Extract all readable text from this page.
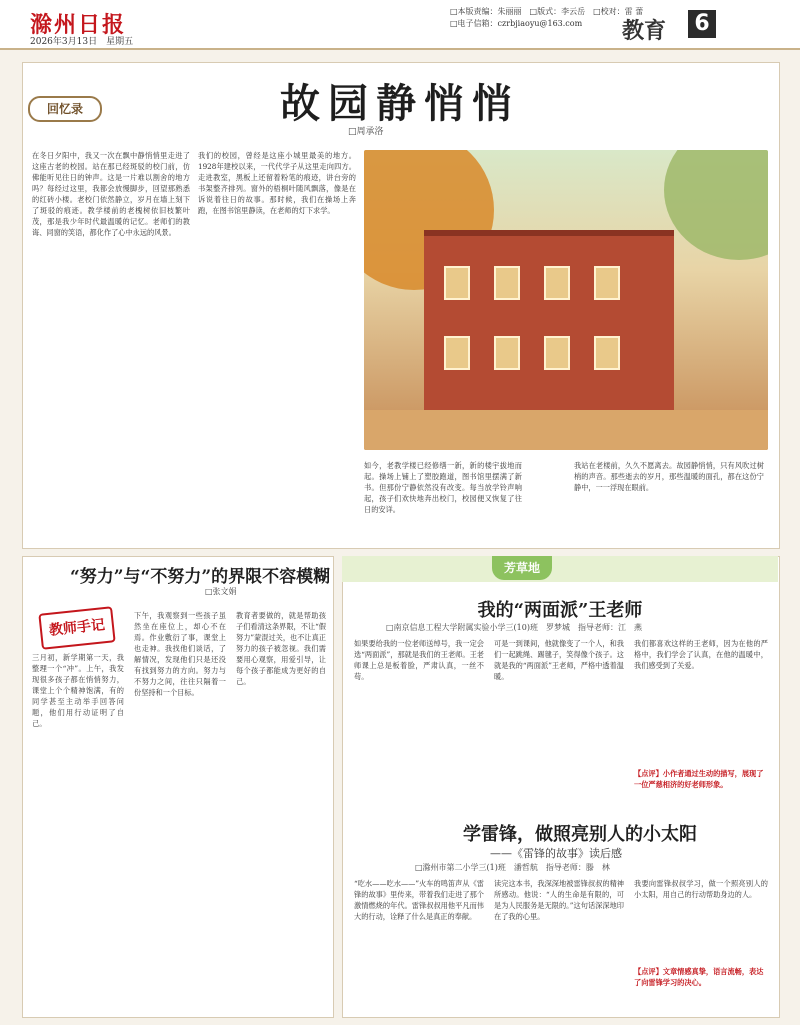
滁州日报
2026年3月13日　星期五
□本版责编：朱丽丽　□版式：李云岳　□校对：雷 蕾
□电子信箱：czrbjiaoyu@163.com	教育 6
回忆录	故园静悄悄
□周承洛
在冬日夕阳中，我又一次在飘中静悄悄里走进了这座古老的校园。站在那已经斑驳的校门前，仿佛能听见往日的钟声。这是一片难以割舍的地方吗？每经过这里，我都会放慢脚步，回望那熟悉的红砖小楼。老校门依然静立，岁月在墙上刻下了斑驳的痕迹。教学楼前的老槐树依旧枝繁叶茂，那是我少年时代最温暖的记忆。老师们的教诲、同窗的笑语，都化作了心中永远的风景。
我们的校园，曾经是这座小城里最美的地方。1928年建校以来，一代代学子从这里走向四方。走进教室，黑板上还留着粉笔的痕迹，讲台旁的书架整齐排列。窗外的梧桐叶随风飘落，像是在诉说着往日的故事。那时候，我们在操场上奔跑，在图书馆里静读，在老师的灯下求学。
如今，老教学楼已经修缮一新，新的楼宇拔地而起。操场上铺上了塑胶跑道，图书馆里摆满了新书。但那份宁静依然没有改变。每当放学铃声响起，孩子们欢快地奔出校门，校园便又恢复了往日的安详。
我站在老楼前，久久不愿离去。故园静悄悄，只有风吹过树梢的声音。那些逝去的岁月，那些温暖的面孔，都在这份宁静中，一一浮现在眼前。
“努力”与“不努力”的界限不容模糊
□张文娟
教师手记
三月初，新学期第一天，我整理一个“冲”。上午，我发现很多孩子都在悄悄努力，课堂上个个精神饱满，有的同学甚至主动举手回答问题，他们用行动证明了自己。
下午，我观察到一些孩子虽然坐在座位上，却心不在焉。作业敷衍了事，课堂上也走神。我找他们谈话，了解情况，发现他们只是还没有找到努力的方向。努力与不努力之间，往往只隔着一份坚持和一个目标。
教育者要做的，就是帮助孩子们看清这条界限，不让“假努力”蒙混过关，也不让真正努力的孩子被忽视。我们需要用心观察，用爱引导，让每个孩子都能成为更好的自己。
芳草地
我的“两面派”王老师
□南京信息工程大学附属实验小学三(10)班　罗梦城　指导老师：江　燕
如果要给我的一位老师送绰号，我一定会选“两面派”，那就是我们的王老师。王老师课上总是板着脸，严肃认真，一丝不苟。
可是一到课间，他就像变了一个人，和我们一起跳绳、踢毽子，笑得像个孩子。这就是我的“两面派”王老师，严格中透着温暖。
我们都喜欢这样的王老师，因为在他的严格中，我们学会了认真，在他的温暖中，我们感受到了关爱。
【点评】小作者通过生动的描写，展现了一位严慈相济的好老师形象。
学雷锋，做照亮别人的小太阳
——《雷锋的故事》读后感
□滁州市第二小学三(1)班　潘哲航　指导老师：滕　林
“吃水——吃水——”火车的鸣笛声从《雷锋的故事》里传来，带着我们走进了那个激情燃烧的年代。雷锋叔叔用他平凡而伟大的行动，诠释了什么是真正的奉献。
读完这本书，我深深地被雷锋叔叔的精神所感动。他说：“人的生命是有限的，可是为人民服务是无限的。”这句话深深地印在了我的心里。
我要向雷锋叔叔学习，做一个照亮别人的小太阳，用自己的行动帮助身边的人。
【点评】文章情感真挚，语言流畅，表达了向雷锋学习的决心。
